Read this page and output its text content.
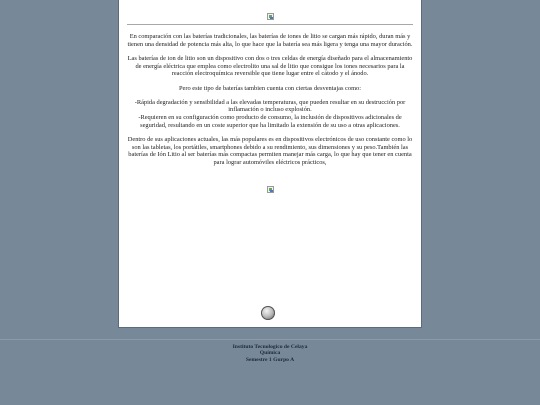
En comparación con las baterías tradicionales, las baterías de iones de litio se cargan más rápido, duran más y tienen una densidad de potencia más alta, lo que hace que la batería sea más ligera y tenga una mayor duración.

Las baterías de ion de litio son un dispositivo con dos o tres celdas de energía diseñado para el almacenamiento de energía eléctrica que emplea como electrolito una sal de litio que consigue los iones necesarios para la reacción electroquímica reversible que tiene lugar entre el cátodo y el ánodo.

Pero este tipo de baterías tambien cuenta con ciertas desventajas como:

-Rápida degradación y sensibilidad a las elevadas temperaturas, que pueden resultar en su destrucción por inflamación o incluso explosión.

-Requieren en su configuración como producto de consumo, la inclusión de dispositivos adicionales de seguridad, resultando en un coste superior que ha limitado la extensión de su uso a otras aplicaciones.

Dentro de sus aplicaciones actuales, las más populares es en dispositivos electrónicos de uso constante como lo son las tabletas, los portátiles, smartphones debido a su rendimiento, sus dimensiones y su peso.También las baterías de Ión Litio al ser baterías más compactas permiten manejar más carga, lo que hay que tener en cuenta para lograr automóviles eléctricos prácticos,

Instituto Tecnologico de Celaya
Química
Semestre 1 Gurpo A
